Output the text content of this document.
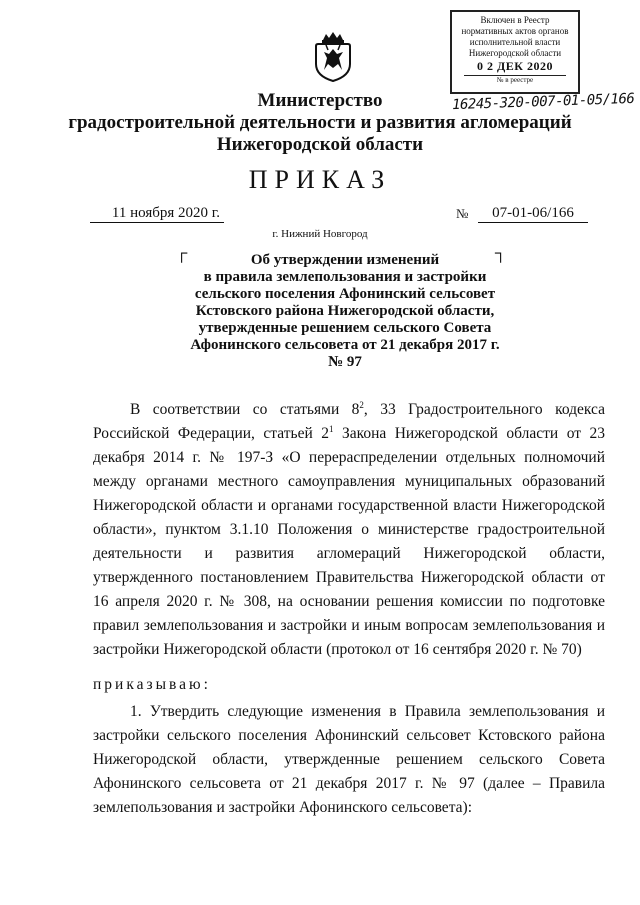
Включен в Реестр
нормативных актов органов
исполнительной власти
Нижегородской области
0 2 ДЕК 2020
№ в реестре
16245-320-007-01-05/166
Министерство
градостроительной деятельности и развития агломераций
Нижегородской области
ПРИКАЗ
11 ноября 2020 г.	№	07-01-06/166
г. Нижний Новгород
┌	┐
Об утверждении изменений
в правила землепользования и застройки
сельского поселения Афонинский сельсовет
Кстовского района Нижегородской области,
утвержденные решением сельского Совета
Афонинского сельсовета от 21 декабря 2017 г.
№ 97
В соответствии со статьями $8^2$, 33 Градостроительного кодекса Российской Федерации, статьей $2^1$ Закона Нижегородской области от 23 декабря 2014 г. № 197-З «О перераспределении отдельных полномочий между органами местного самоуправления муниципальных образований Нижегородской области и органами государственной власти Нижегородской области», пунктом 3.1.10 Положения о министерстве градостроительной деятельности и развития агломераций Нижегородской области, утвержденного постановлением Правительства Нижегородской области от 16 апреля 2020 г. № 308, на основании решения комиссии по подготовке правил землепользования и застройки и иным вопросам землепользования и застройки Нижегородской области (протокол от 16 сентября 2020 г. № 70)
приказываю:
1. Утвердить следующие изменения в Правила землепользования и застройки сельского поселения Афонинский сельсовет Кстовского района Нижегородской области, утвержденные решением сельского Совета Афонинского сельсовета от 21 декабря 2017 г. № 97 (далее – Правила землепользования и застройки Афонинского сельсовета):
